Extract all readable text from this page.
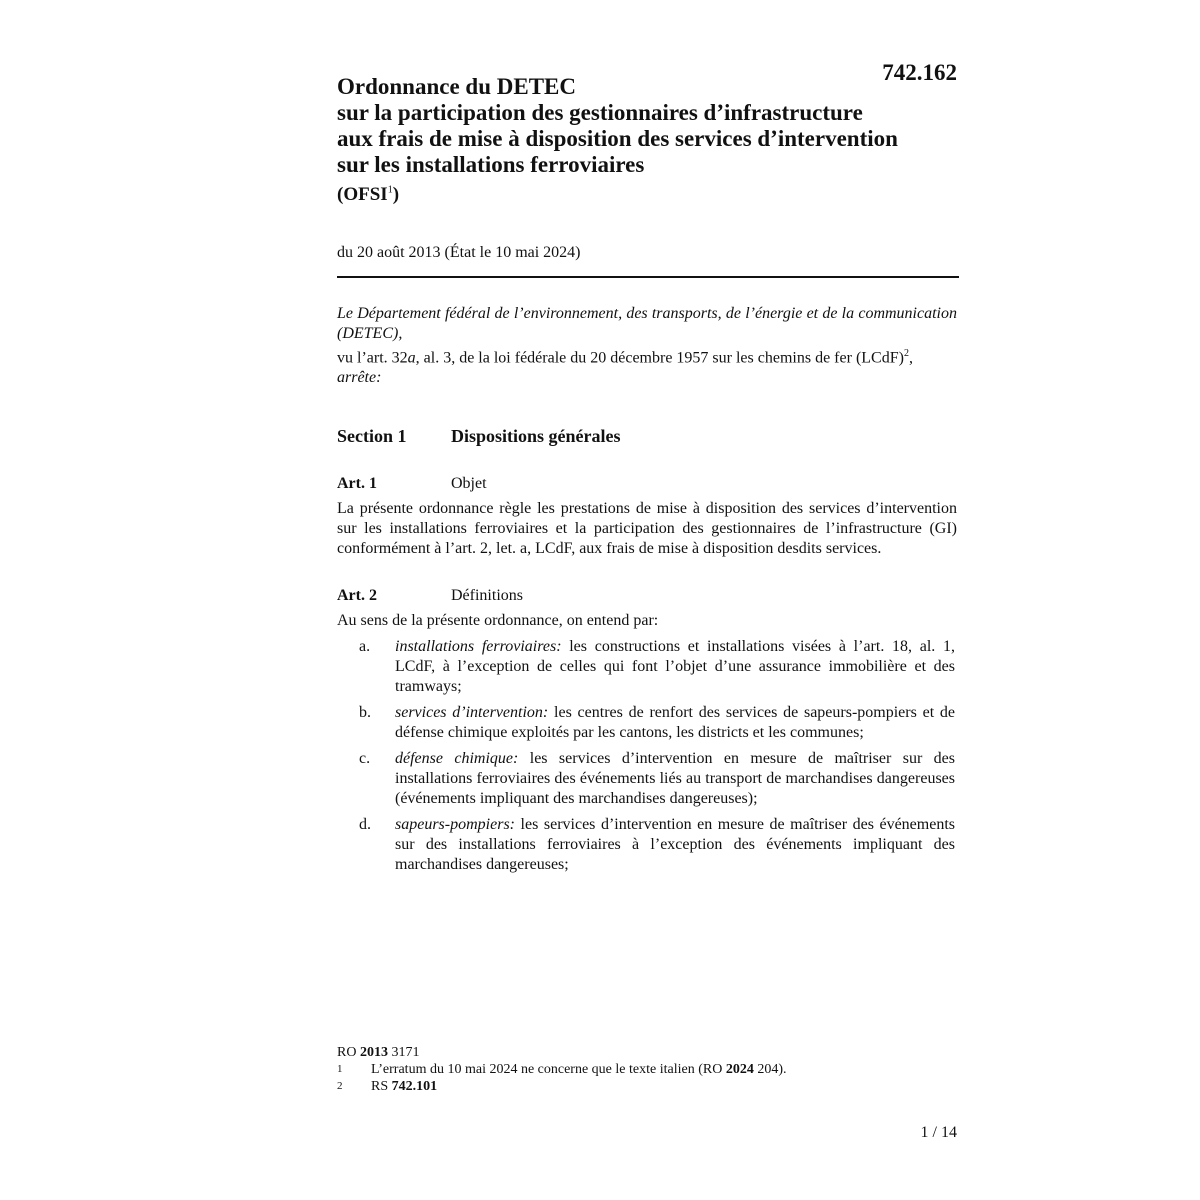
742.162
Ordonnance du DETEC
sur la participation des gestionnaires d’infrastructure
aux frais de mise à disposition des services d’intervention
sur les installations ferroviaires
(OFSI$^1$)
du 20 août 2013 (État le 10 mai 2024)
Le Département fédéral de l’environnement, des transports, de l’énergie et de la communication (DETEC),
vu l’art. 32a, al. 3, de la loi fédérale du 20 décembre 1957 sur les chemins de fer (LCdF)$^2$,
arrête:
Section 1	Dispositions générales
Art. 1	Objet
La présente ordonnance règle les prestations de mise à disposition des services d’intervention sur les installations ferroviaires et la participation des gestionnaires de l’infrastructure (GI) conformément à l’art. 2, let. a, LCdF, aux frais de mise à disposition desdits services.
Art. 2	Définitions
Au sens de la présente ordonnance, on entend par:
a.	installations ferroviaires: les constructions et installations visées à l’art. 18, al. 1, LCdF, à l’exception de celles qui font l’objet d’une assurance immobilière et des tramways;
b.	services d’intervention: les centres de renfort des services de sapeurs-pompiers et de défense chimique exploités par les cantons, les districts et les communes;
c.	défense chimique: les services d’intervention en mesure de maîtriser sur des installations ferroviaires des événements liés au transport de marchandises dangereuses (événements impliquant des marchandises dangereuses);
d.	sapeurs-pompiers: les services d’intervention en mesure de maîtriser des événements sur des installations ferroviaires à l’exception des événements impliquant des marchandises dangereuses;
RO 2013 3171
1	L’erratum du 10 mai 2024 ne concerne que le texte italien (RO 2024 204).
2	RS 742.101
1 / 14
